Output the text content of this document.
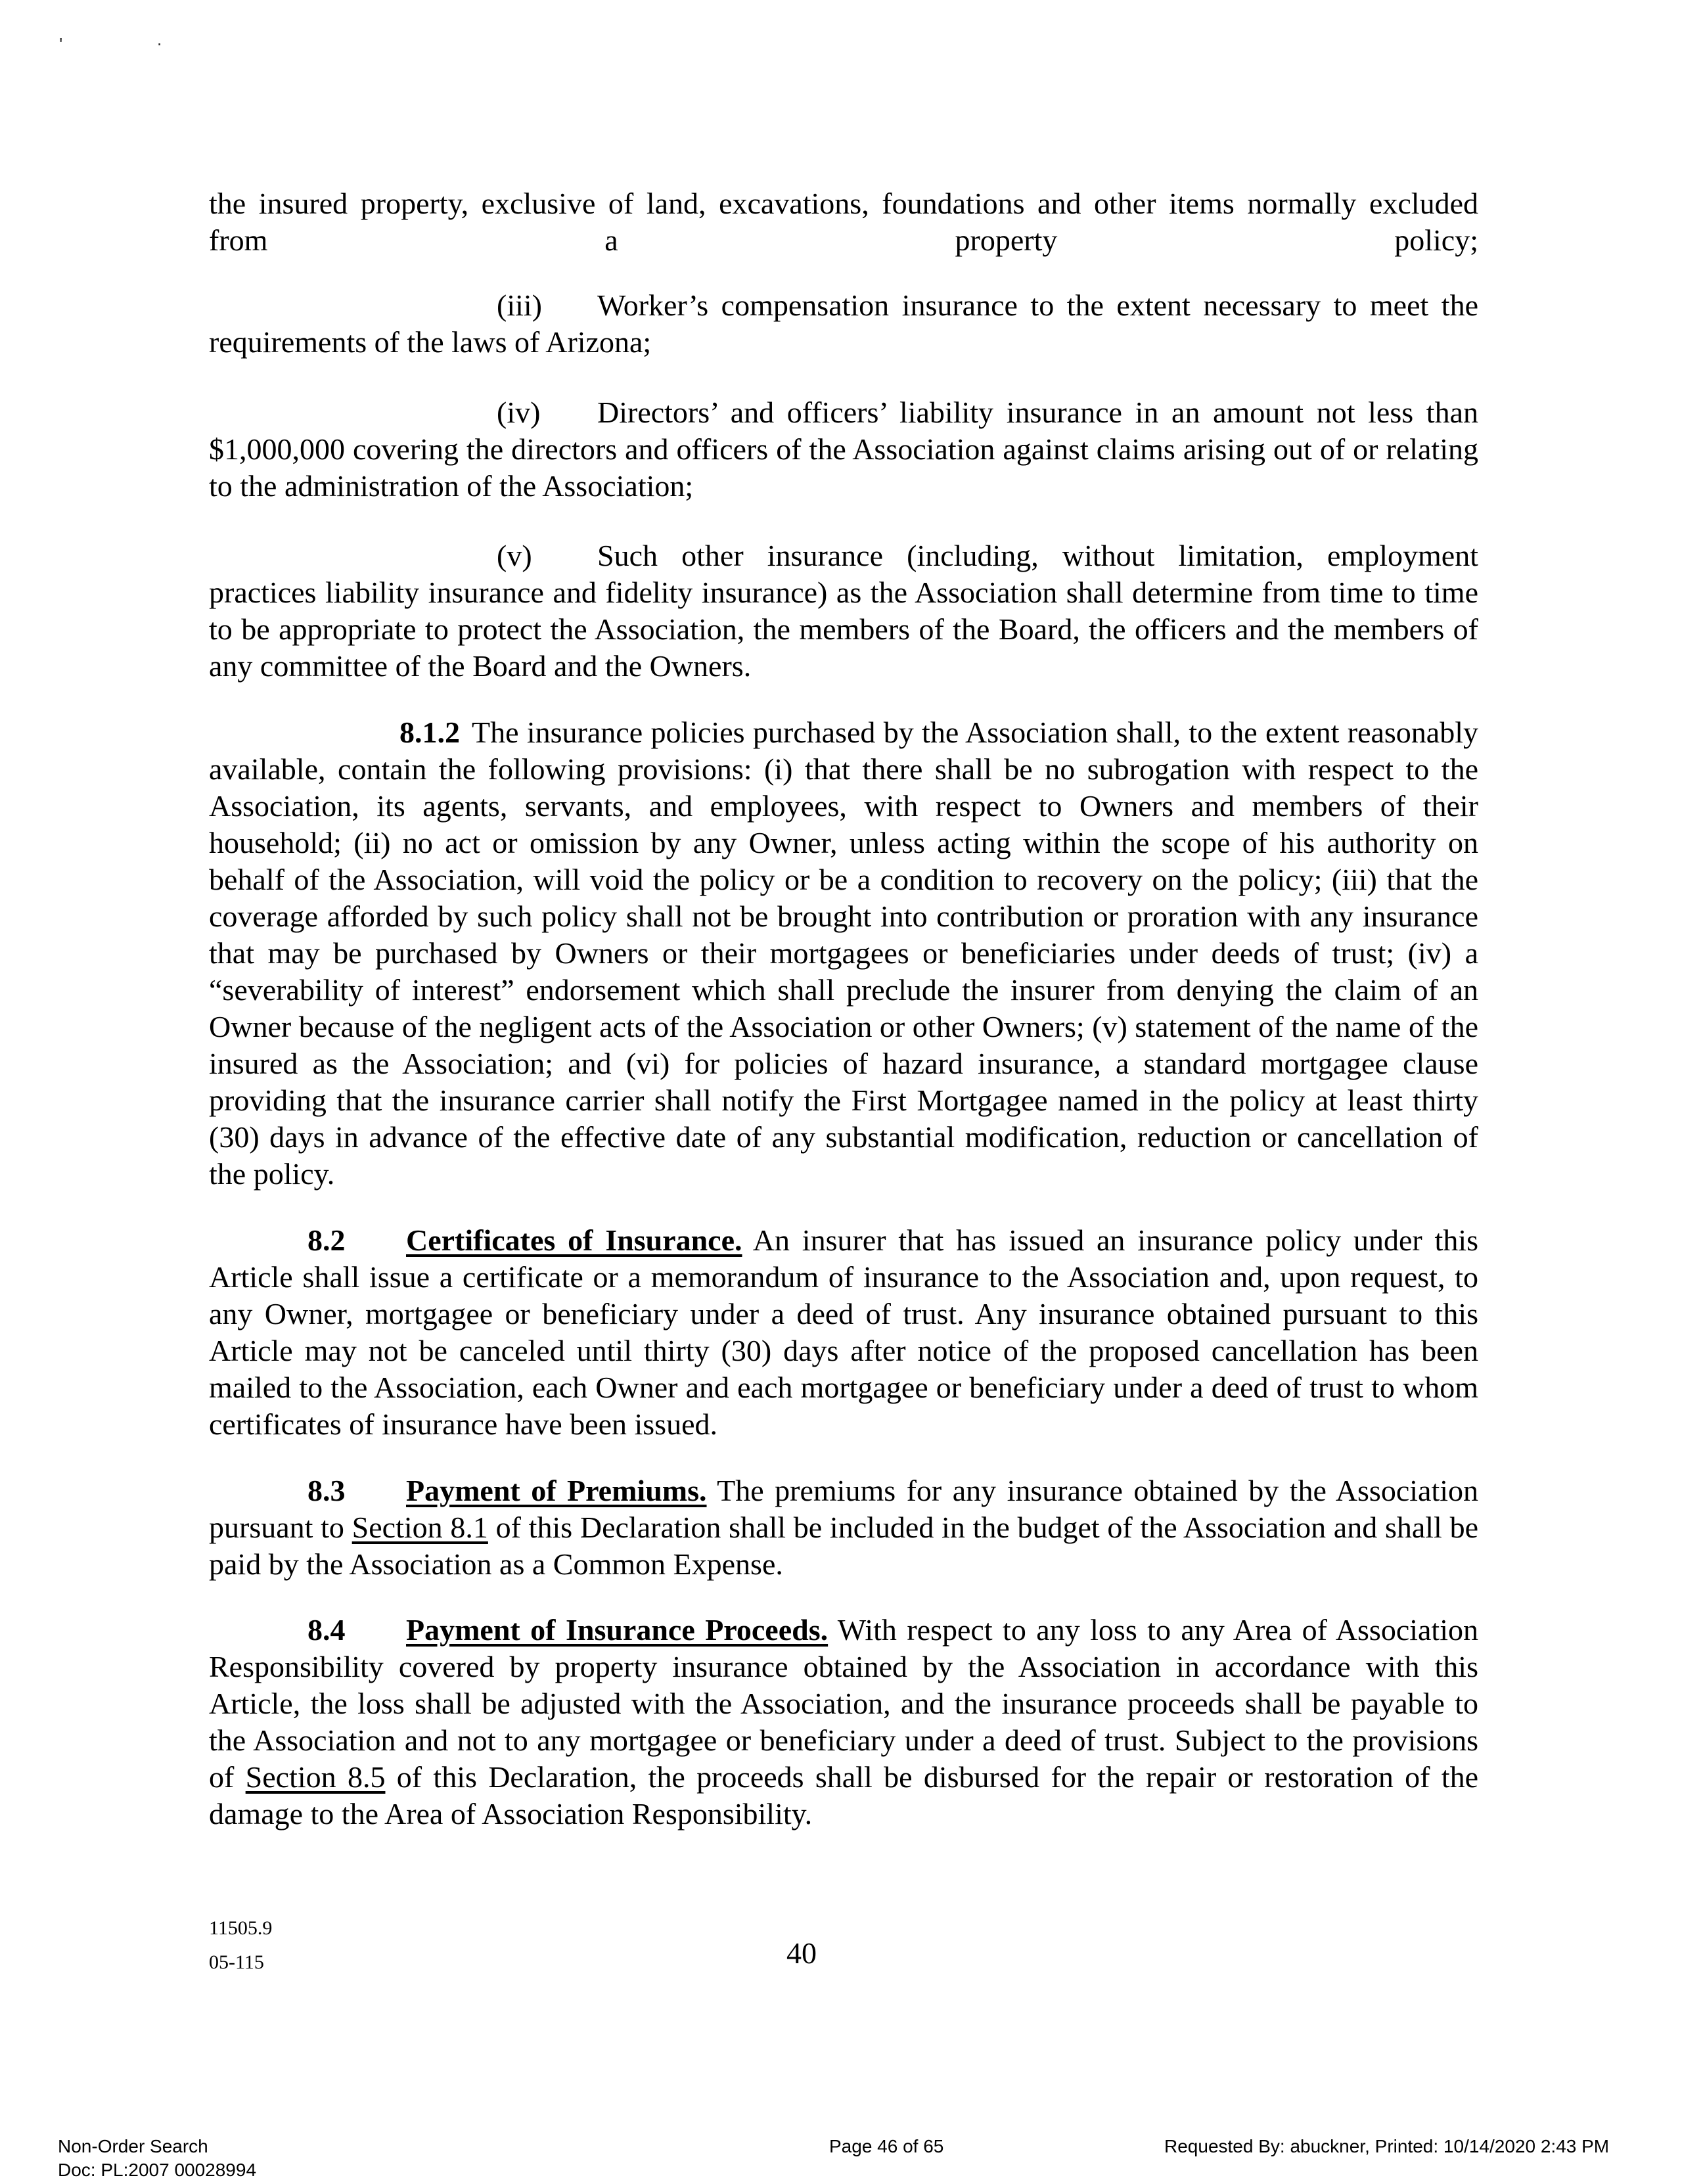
'	·

the insured property, exclusive of land, excavations, foundations and other items normally excluded from a property policy;

(iii) Worker’s compensation insurance to the extent necessary to meet the requirements of the laws of Arizona;

(iv) Directors’ and officers’ liability insurance in an amount not less than $1,000,000 covering the directors and officers of the Association against claims arising out of or relating to the administration of the Association;

(v) Such other insurance (including, without limitation, employment practices liability insurance and fidelity insurance) as the Association shall determine from time to time to be appropriate to protect the Association, the members of the Board, the officers and the members of any committee of the Board and the Owners.

8.1.2 The insurance policies purchased by the Association shall, to the extent reasonably available, contain the following provisions: (i) that there shall be no subrogation with respect to the Association, its agents, servants, and employees, with respect to Owners and members of their household; (ii) no act or omission by any Owner, unless acting within the scope of his authority on behalf of the Association, will void the policy or be a condition to recovery on the policy; (iii) that the coverage afforded by such policy shall not be brought into contribution or proration with any insurance that may be purchased by Owners or their mortgagees or beneficiaries under deeds of trust; (iv) a “severability of interest” endorsement which shall preclude the insurer from denying the claim of an Owner because of the negligent acts of the Association or other Owners; (v) statement of the name of the insured as the Association; and (vi) for policies of hazard insurance, a standard mortgagee clause providing that the insurance carrier shall notify the First Mortgagee named in the policy at least thirty (30) days in advance of the effective date of any substantial modification, reduction or cancellation of the policy.

8.2 Certificates of Insurance. An insurer that has issued an insurance policy under this Article shall issue a certificate or a memorandum of insurance to the Association and, upon request, to any Owner, mortgagee or beneficiary under a deed of trust. Any insurance obtained pursuant to this Article may not be canceled until thirty (30) days after notice of the proposed cancellation has been mailed to the Association, each Owner and each mortgagee or beneficiary under a deed of trust to whom certificates of insurance have been issued.

8.3 Payment of Premiums. The premiums for any insurance obtained by the Association pursuant to Section 8.1 of this Declaration shall be included in the budget of the Association and shall be paid by the Association as a Common Expense.

8.4 Payment of Insurance Proceeds. With respect to any loss to any Area of Association Responsibility covered by property insurance obtained by the Association in accordance with this Article, the loss shall be adjusted with the Association, and the insurance proceeds shall be payable to the Association and not to any mortgagee or beneficiary under a deed of trust. Subject to the provisions of Section 8.5 of this Declaration, the proceeds shall be disbursed for the repair or restoration of the damage to the Area of Association Responsibility.

11505.9

05-115	40

Non-Order Search

Doc: PL:2007 00028994

Page 46 of 65	Requested By: abuckner, Printed: 10/14/2020 2:43 PM
